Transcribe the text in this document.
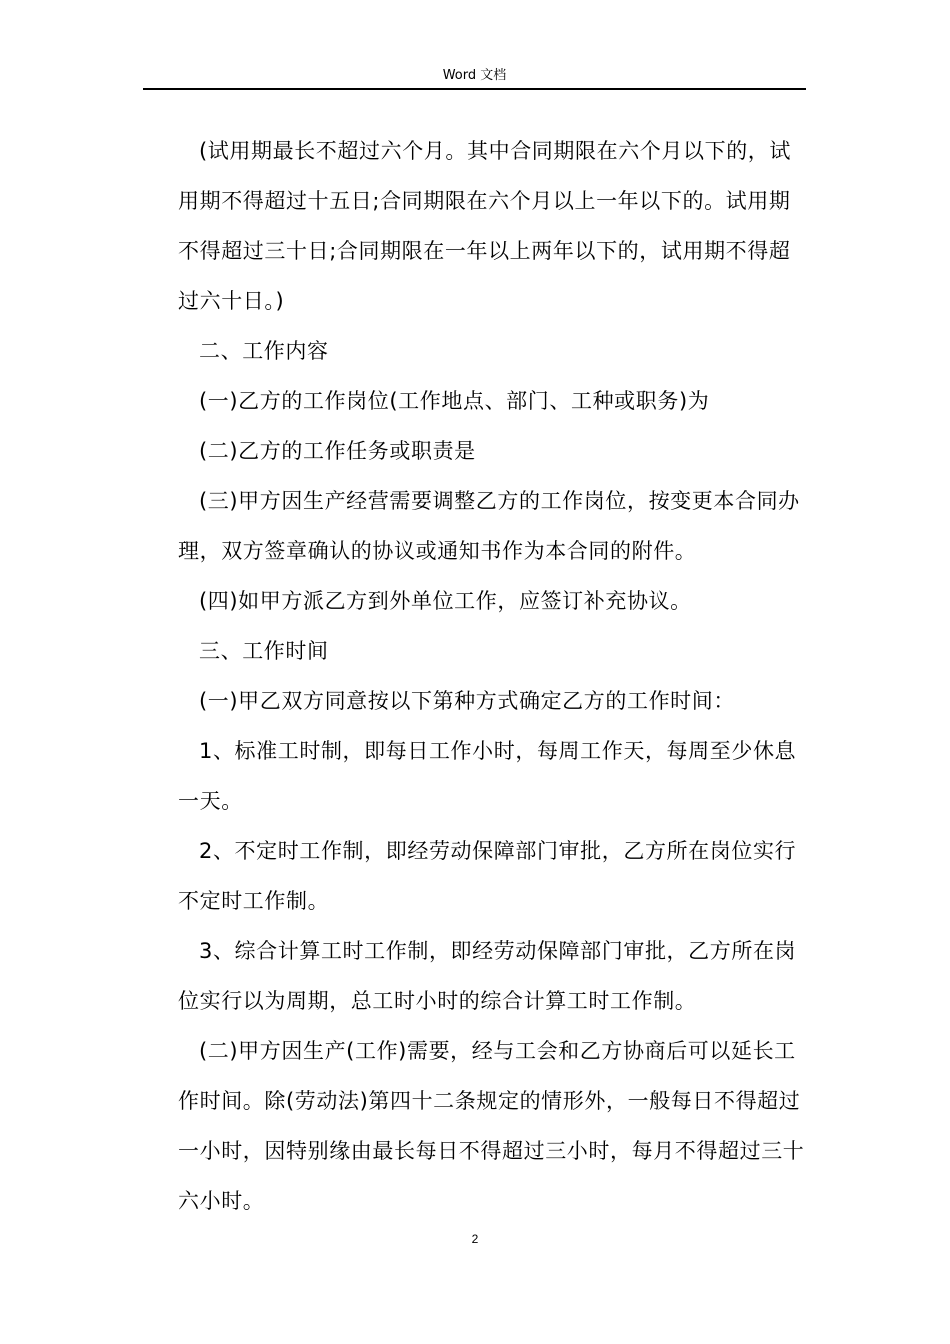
Word 文档

(试用期最长不超过六个月。其中合同期限在六个月以下的，试用期不得超过十五日;合同期限在六个月以上一年以下的。试用期不得超过三十日;合同期限在一年以上两年以下的，试用期不得超过六十日。)

二、工作内容

(一)乙方的工作岗位(工作地点、部门、工种或职务)为

(二)乙方的工作任务或职责是

(三)甲方因生产经营需要调整乙方的工作岗位，按变更本合同办理，双方签章确认的协议或通知书作为本合同的附件。

(四)如甲方派乙方到外单位工作，应签订补充协议。

三、工作时间

(一)甲乙双方同意按以下第种方式确定乙方的工作时间：

1、标准工时制，即每日工作小时，每周工作天，每周至少休息一天。

2、不定时工作制，即经劳动保障部门审批，乙方所在岗位实行不定时工作制。

3、综合计算工时工作制，即经劳动保障部门审批，乙方所在岗位实行以为周期，总工时小时的综合计算工时工作制。

(二)甲方因生产(工作)需要，经与工会和乙方协商后可以延长工作时间。除(劳动法)第四十二条规定的情形外，一般每日不得超过一小时，因特别缘由最长每日不得超过三小时，每月不得超过三十六小时。

2
